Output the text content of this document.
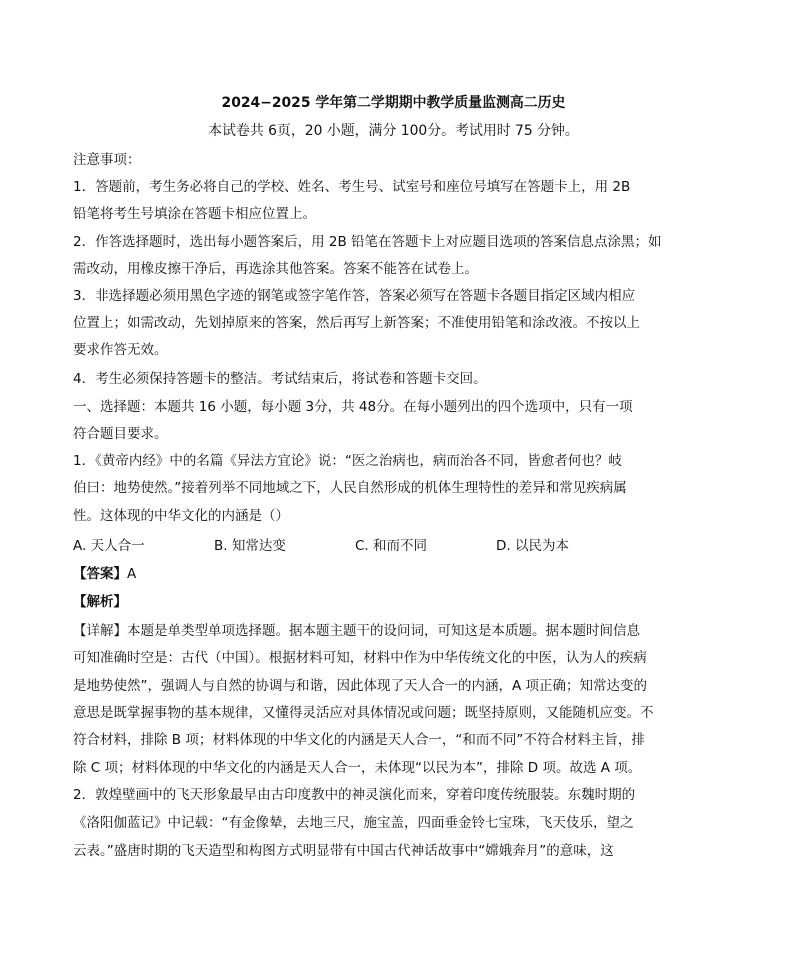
2024−2025 学年第二学期期中教学质量监测高二历史
本试卷共 6页，20 小题，满分 100分。考试用时 75 分钟。
注意事项：
1．答题前，考生务必将自己的学校、姓名、考生号、试室号和座位号填写在答题卡上，用 2B
铅笔将考生号填涂在答题卡相应位置上。
2．作答选择题时，选出每小题答案后，用 2B 铅笔在答题卡上对应题目选项的答案信息点涂黑；如
需改动，用橡皮擦干净后，再选涂其他答案。答案不能答在试卷上。
3．非选择题必须用黑色字迹的钢笔或签字笔作答，答案必须写在答题卡各题目指定区域内相应
位置上；如需改动，先划掉原来的答案，然后再写上新答案；不准使用铅笔和涂改液。不按以上
要求作答无效。
4．考生必须保持答题卡的整洁。考试结束后，将试卷和答题卡交回。
一、选择题：本题共 16 小题，每小题 3分，共 48分。在每小题列出的四个选项中，只有一项
符合题目要求。
1．《黄帝内经》中的名篇《异法方宜论》说：“医之治病也，病而治各不同，皆愈者何也？岐
伯曰：地势使然。”接着列举不同地域之下，人民自然形成的机体生理特性的差异和常见疾病属
性。这体现的中华文化的内涵是（）
A. 天人合一	B. 知常达变	C. 和而不同	D. 以民为本
【答案】A
【解析】
【详解】本题是单类型单项选择题。据本题主题干的设问词，可知这是本质题。据本题时间信息
可知准确时空是：古代（中国）。根据材料可知，材料中作为中华传统文化的中医，认为人的疾病
是地势使然”，强调人与自然的协调与和谐，因此体现了天人合一的内涵，A 项正确；知常达变的
意思是既掌握事物的基本规律，又懂得灵活应对具体情况或问题；既坚持原则，又能随机应变。不
符合材料，排除 B 项；材料体现的中华文化的内涵是天人合一，“和而不同”不符合材料主旨，排
除 C 项；材料体现的中华文化的内涵是天人合一，未体现“以民为本”，排除 D 项。故选 A 项。
2．敦煌壁画中的飞天形象最早由古印度教中的神灵演化而来，穿着印度传统服装。东魏时期的
《洛阳伽蓝记》中记载：“有金像辇，去地三尺，施宝盖，四面垂金铃七宝珠，飞天伎乐，望之
云表。”盛唐时期的飞天造型和构图方式明显带有中国古代神话故事中“嫦娥奔月”的意味，这
